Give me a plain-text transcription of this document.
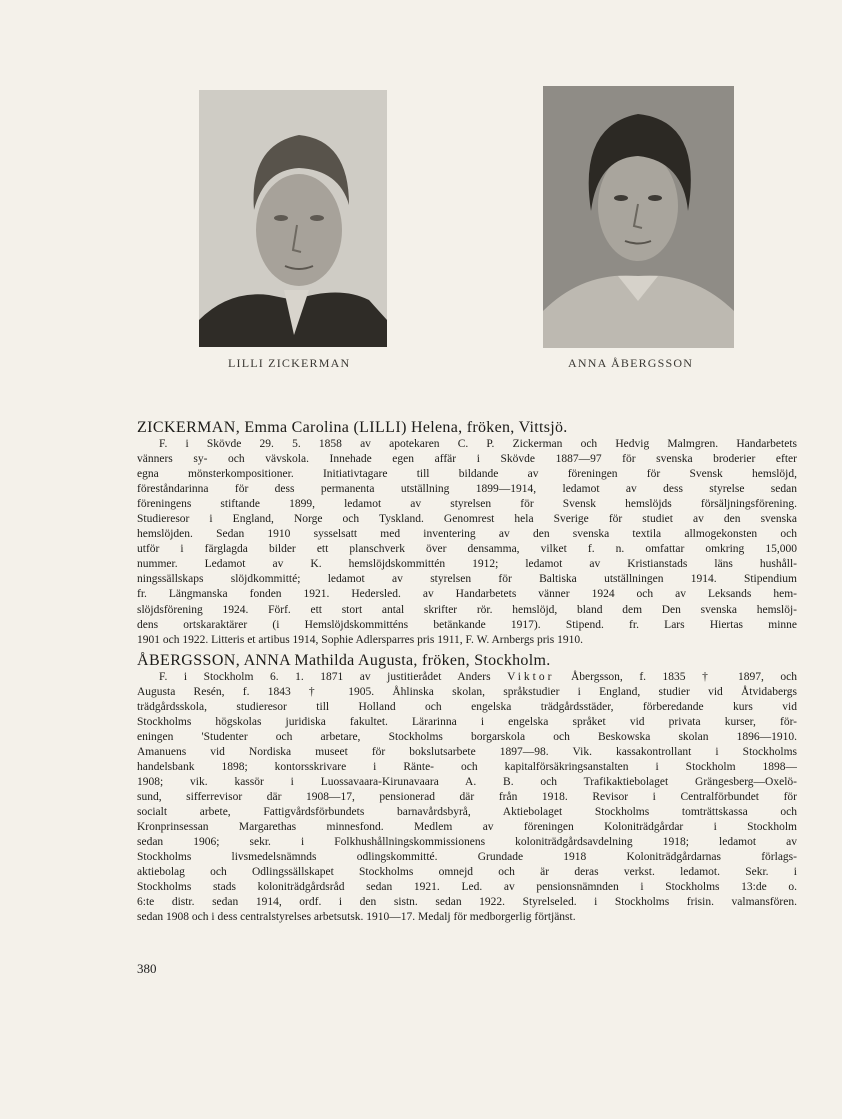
LILLI ZICKERMAN	ANNA ÅBERGSSON

ZICKERMAN, Emma Carolina (LILLI) Helena, fröken, Vittsjö.

F. i Skövde 29. 5. 1858 av apotekaren C. P. Zickerman och Hedvig Malmgren. Handarbetets
vänners sy- och vävskola. Innehade egen affär i Skövde 1887—97 för svenska broderier efter
egna mönsterkompositioner. Initiativtagare till bildande av föreningen för Svensk hemslöjd,
föreståndarinna för dess permanenta utställning 1899—1914, ledamot av dess styrelse sedan
föreningens stiftande 1899, ledamot av styrelsen för Svensk hemslöjds försäljningsförening.
Studieresor i England, Norge och Tyskland. Genomrest hela Sverige för studiet av den svenska
hemslöjden. Sedan 1910 sysselsatt med inventering av den svenska textila allmogekonsten och
utför i färglagda bilder ett planschverk över densamma, vilket f. n. omfattar omkring 15,000
nummer. Ledamot av K. hemslöjdskommittén 1912; ledamot av Kristianstads läns hushåll-
ningssällskaps slöjdkommitté; ledamot av styrelsen för Baltiska utställningen 1914. Stipendium
fr. Längmanska fonden 1921. Hedersled. av Handarbetets vänner 1924 och av Leksands hem-
slöjdsförening 1924. Förf. ett stort antal skrifter rör. hemslöjd, bland dem Den svenska hemslöj-
dens ortskaraktärer (i Hemslöjdskommitténs betänkande 1917). Stipend. fr. Lars Hiertas minne
1901 och 1922. Litteris et artibus 1914, Sophie Adlersparres pris 1911, F. W. Arnbergs pris 1910.

ÅBERGSSON, ANNA Mathilda Augusta, fröken, Stockholm.

F. i Stockholm 6. 1. 1871 av justitierådet Anders Viktor Åbergsson, f. 1835 † 1897, och
Augusta Resén, f. 1843 † 1905. Åhlinska skolan, språkstudier i England, studier vid Åtvidabergs
trädgårdsskola, studieresor till Holland och engelska trädgårdsstäder, förberedande kurs vid
Stockholms högskolas juridiska fakultet. Lärarinna i engelska språket vid privata kurser, för-
eningen 'Studenter och arbetare, Stockholms borgarskola och Beskowska skolan 1896—1910.
Amanuens vid Nordiska museet för bokslutsarbete 1897—98. Vik. kassakontrollant i Stockholms
handelsbank 1898; kontorsskrivare i Ränte- och kapitalförsäkringsanstalten i Stockholm 1898—
1908; vik. kassör i Luossavaara-Kirunavaara A. B. och Trafikaktiebolaget Grängesberg—Oxelö-
sund, sifferrevisor där 1908—17, pensionerad där från 1918. Revisor i Centralförbundet för
socialt arbete, Fattigvårdsförbundets barnavårdsbyrå, Aktiebolaget Stockholms tomträttskassa och
Kronprinsessan Margarethas minnesfond. Medlem av föreningen Koloniträdgårdar i Stockholm
sedan 1906; sekr. i Folkhushållningskommissionens koloniträdgårdsavdelning 1918; ledamot av
Stockholms livsmedelsnämnds odlingskommitté. Grundade 1918 Koloniträdgårdarnas förlags-
aktiebolag och Odlingssällskapet Stockholms omnejd och är deras verkst. ledamot. Sekr. i
Stockholms stads koloniträdgårdsråd sedan 1921. Led. av pensionsnämnden i Stockholms 13:de o.
6:te distr. sedan 1914, ordf. i den sistn. sedan 1922. Styrelseled. i Stockholms frisin. valmansfören.
sedan 1908 och i dess centralstyrelses arbetsutsk. 1910—17. Medalj för medborgerlig förtjänst.
380
